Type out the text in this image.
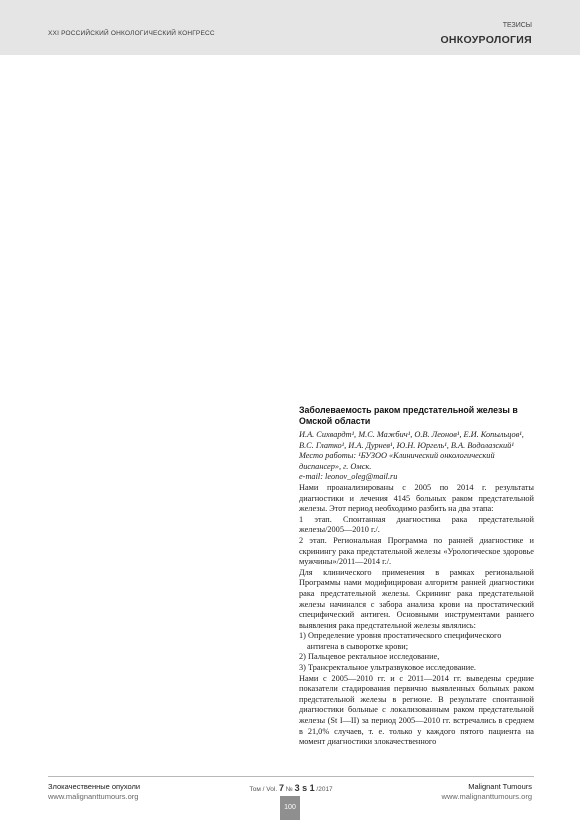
XXI РОССИЙСКИЙ ОНКОЛОГИЧЕСКИЙ КОНГРЕСС
ТЕЗИСЫ
ОНКОУРОЛОГИЯ
Заболеваемость раком предстательной железы в Омской области

И.А. Сихвардт¹, М.С. Мажбич¹, О.В. Леонов¹, Е.И. Копыльцов¹, В.С. Глатко¹, И.А. Дурнев¹, Ю.Н. Юргель¹, В.А. Водолазский¹

Место работы: ¹БУЗОО «Клинический онкологический диспансер», г. Омск.

e-mail: leonov_oleg@mail.ru

Нами проанализированы с 2005 по 2014 г. результаты диагностики и лечения 4145 больных раком предстательной железы. Этот период необходимо разбить на два этапа:

1 этап. Спонтанная диагностика рака предстательной железы/2005—2010 г./.

2 этап. Региональная Программа по ранней диагностике и скринингу рака предстательной железы «Урологическое здоровье мужчины»/2011—2014 г./.

Для клинического применения в рамках региональной Программы нами модифицирован алгоритм ранней диагностики рака предстательной железы. Скрининг рака предстательной железы начинался с забора анализа крови на простатический специфический антиген. Основными инструментами раннего выявления рака предстательной железы являлись:

1) Определение уровня простатического специфического антигена в сыворотке крови;

2) Пальцевое ректальное исследование,

3) Трансректальное ультразвуковое исследование.

Нами с 2005—2010 гг. и с 2011—2014 гг. выведены средние показатели стадирования первично выявленных больных раком предстательной железы в регионе. В результате спонтанной диагностики больные с локализованным раком предстательной железы (St I—II) за период 2005—2010 гг. встречались в среднем в 21,0% случаев, т. е. только у каждого пятого пациента на момент диагностики злокачественного

Злокачественные опухоли
www.malignanttumours.org
Том / Vol. 7 № 3 s 1 /2017	Malignant Tumours
www.malignanttumours.org
100
